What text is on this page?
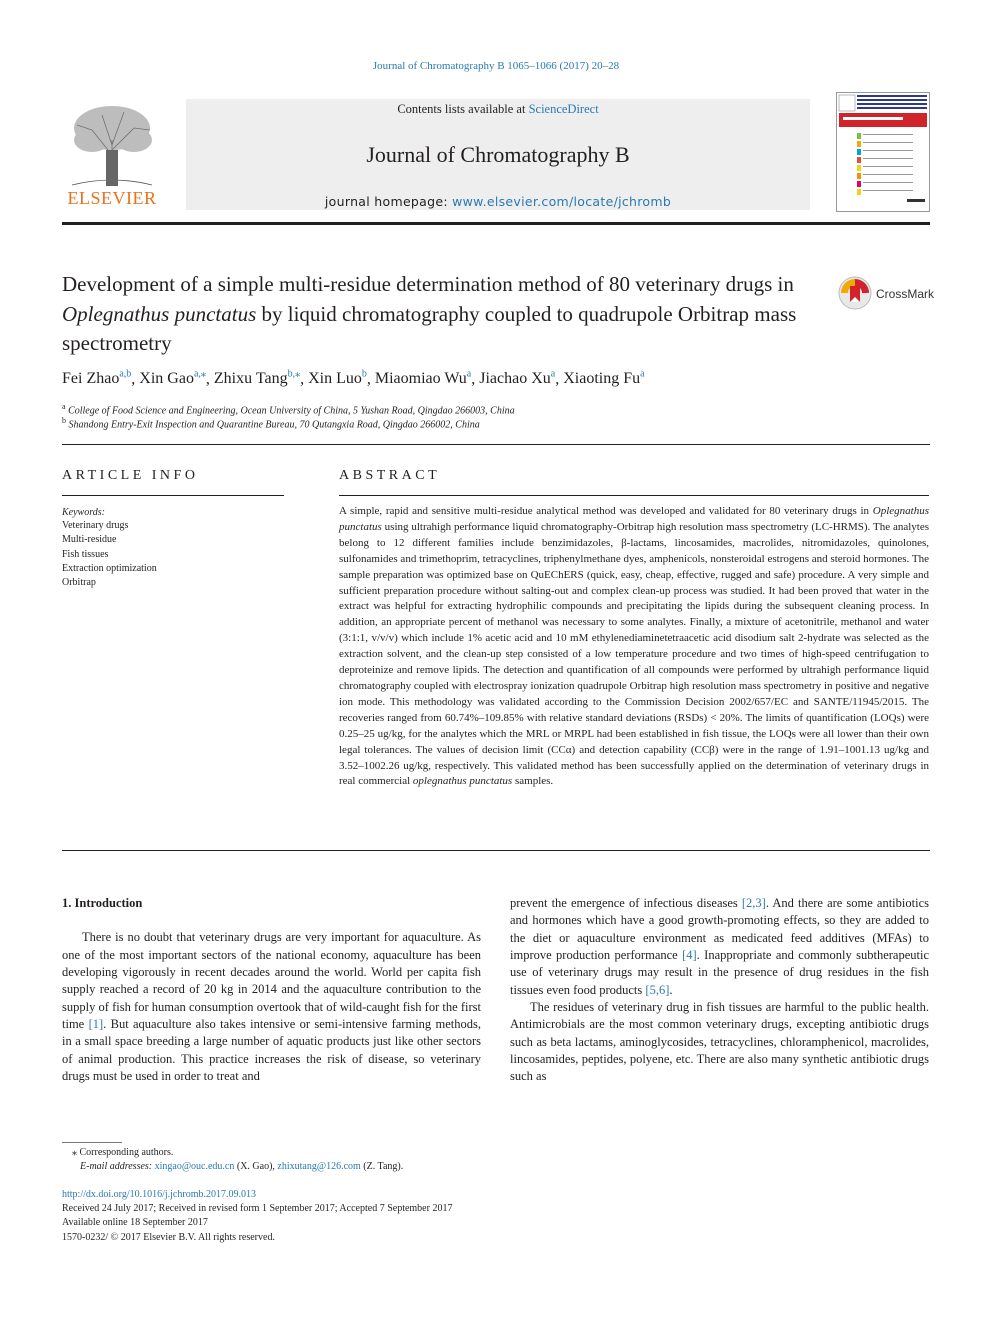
Journal of Chromatography B 1065–1066 (2017) 20–28
ELSEVIER
Contents lists available at ScienceDirect
Journal of Chromatography B
journal homepage: www.elsevier.com/locate/jchromb
Development of a simple multi-residue determination method of 80 veterinary drugs in Oplegnathus punctatus by liquid chromatography coupled to quadrupole Orbitrap mass spectrometry
CrossMark
Fei Zhao$^{a,b}$, Xin Gao$^{a,⁎}$, Zhixu Tang$^{b,⁎}$, Xin Luo$^b$, Miaomiao Wu$^a$, Jiachao Xu$^a$, Xiaoting Fu$^a$
$^a$ College of Food Science and Engineering, Ocean University of China, 5 Yushan Road, Qingdao 266003, China
$^b$ Shandong Entry-Exit Inspection and Quarantine Bureau, 70 Qutangxia Road, Qingdao 266002, China
ARTICLE INFO
Keywords:
Veterinary drugs
Multi-residue
Fish tissues
Extraction optimization
Orbitrap
ABSTRACT
A simple, rapid and sensitive multi-residue analytical method was developed and validated for 80 veterinary drugs in Oplegnathus punctatus using ultrahigh performance liquid chromatography-Orbitrap high resolution mass spectrometry (LC-HRMS). The analytes belong to 12 different families include benzimidazoles, β-lactams, lincosamides, macrolides, nitromidazoles, quinolones, sulfonamides and trimethoprim, tetracyclines, triphenylmethane dyes, amphenicols, nonsteroidal estrogens and steroid hormones. The sample preparation was optimized base on QuEChERS (quick, easy, cheap, effective, rugged and safe) procedure. A very simple and sufficient preparation procedure without salting-out and complex clean-up process was studied. It had been proved that water in the extract was helpful for extracting hydrophilic compounds and precipitating the lipids during the subsequent cleaning process. In addition, an appropriate percent of methanol was necessary to some analytes. Finally, a mixture of acetonitrile, methanol and water (3:1:1, v/v/v) which include 1% acetic acid and 10 mM ethylenediaminetetraacetic acid disodium salt 2-hydrate was selected as the extraction solvent, and the clean-up step consisted of a low temperature procedure and two times of high-speed centrifugation to deproteinize and remove lipids. The detection and quantification of all compounds were performed by ultrahigh performance liquid chromatography coupled with electrospray ionization quadrupole Orbitrap high resolution mass spectrometry in positive and negative ion mode. This methodology was validated according to the Commission Decision 2002/657/EC and SANTE/11945/2015. The recoveries ranged from 60.74%–109.85% with relative standard deviations (RSDs) < 20%. The limits of quantification (LOQs) were 0.25–25 ug/kg, for the analytes which the MRL or MRPL had been established in fish tissue, the LOQs were all lower than their own legal tolerances. The values of decision limit (CCα) and detection capability (CCβ) were in the range of 1.91–1001.13 ug/kg and 3.52–1002.26 ug/kg, respectively. This validated method has been successfully applied on the determination of veterinary drugs in real commercial oplegnathus punctatus samples.

1. Introduction

There is no doubt that veterinary drugs are very important for aquaculture. As one of the most important sectors of the national economy, aquaculture has been developing vigorously in recent decades around the world. World per capita fish supply reached a record of 20 kg in 2014 and the aquaculture contribution to the supply of fish for human consumption overtook that of wild-caught fish for the first time [1]. But aquaculture also takes intensive or semi-intensive farming methods, in a small space breeding a large number of aquatic products just like other sectors of animal production. This practice increases the risk of disease, so veterinary drugs must be used in order to treat and

prevent the emergence of infectious diseases [2,3]. And there are some antibiotics and hormones which have a good growth-promoting effects, so they are added to the diet or aquaculture environment as medicated feed additives (MFAs) to improve production performance [4]. Inappropriate and commonly subtherapeutic use of veterinary drugs may result in the presence of drug residues in the fish tissues even food products [5,6].

The residues of veterinary drug in fish tissues are harmful to the public health. Antimicrobials are the most common veterinary drugs, excepting antibiotic drugs such as beta lactams, aminoglycosides, tetracyclines, chloramphenicol, macrolides, lincosamides, peptides, polyene, etc. There are also many synthetic antibiotic drugs such as

⁎ Corresponding authors.
E-mail addresses: xingao@ouc.edu.cn (X. Gao), zhixutang@126.com (Z. Tang).
http://dx.doi.org/10.1016/j.jchromb.2017.09.013
Received 24 July 2017; Received in revised form 1 September 2017; Accepted 7 September 2017
Available online 18 September 2017
1570-0232/ © 2017 Elsevier B.V. All rights reserved.
